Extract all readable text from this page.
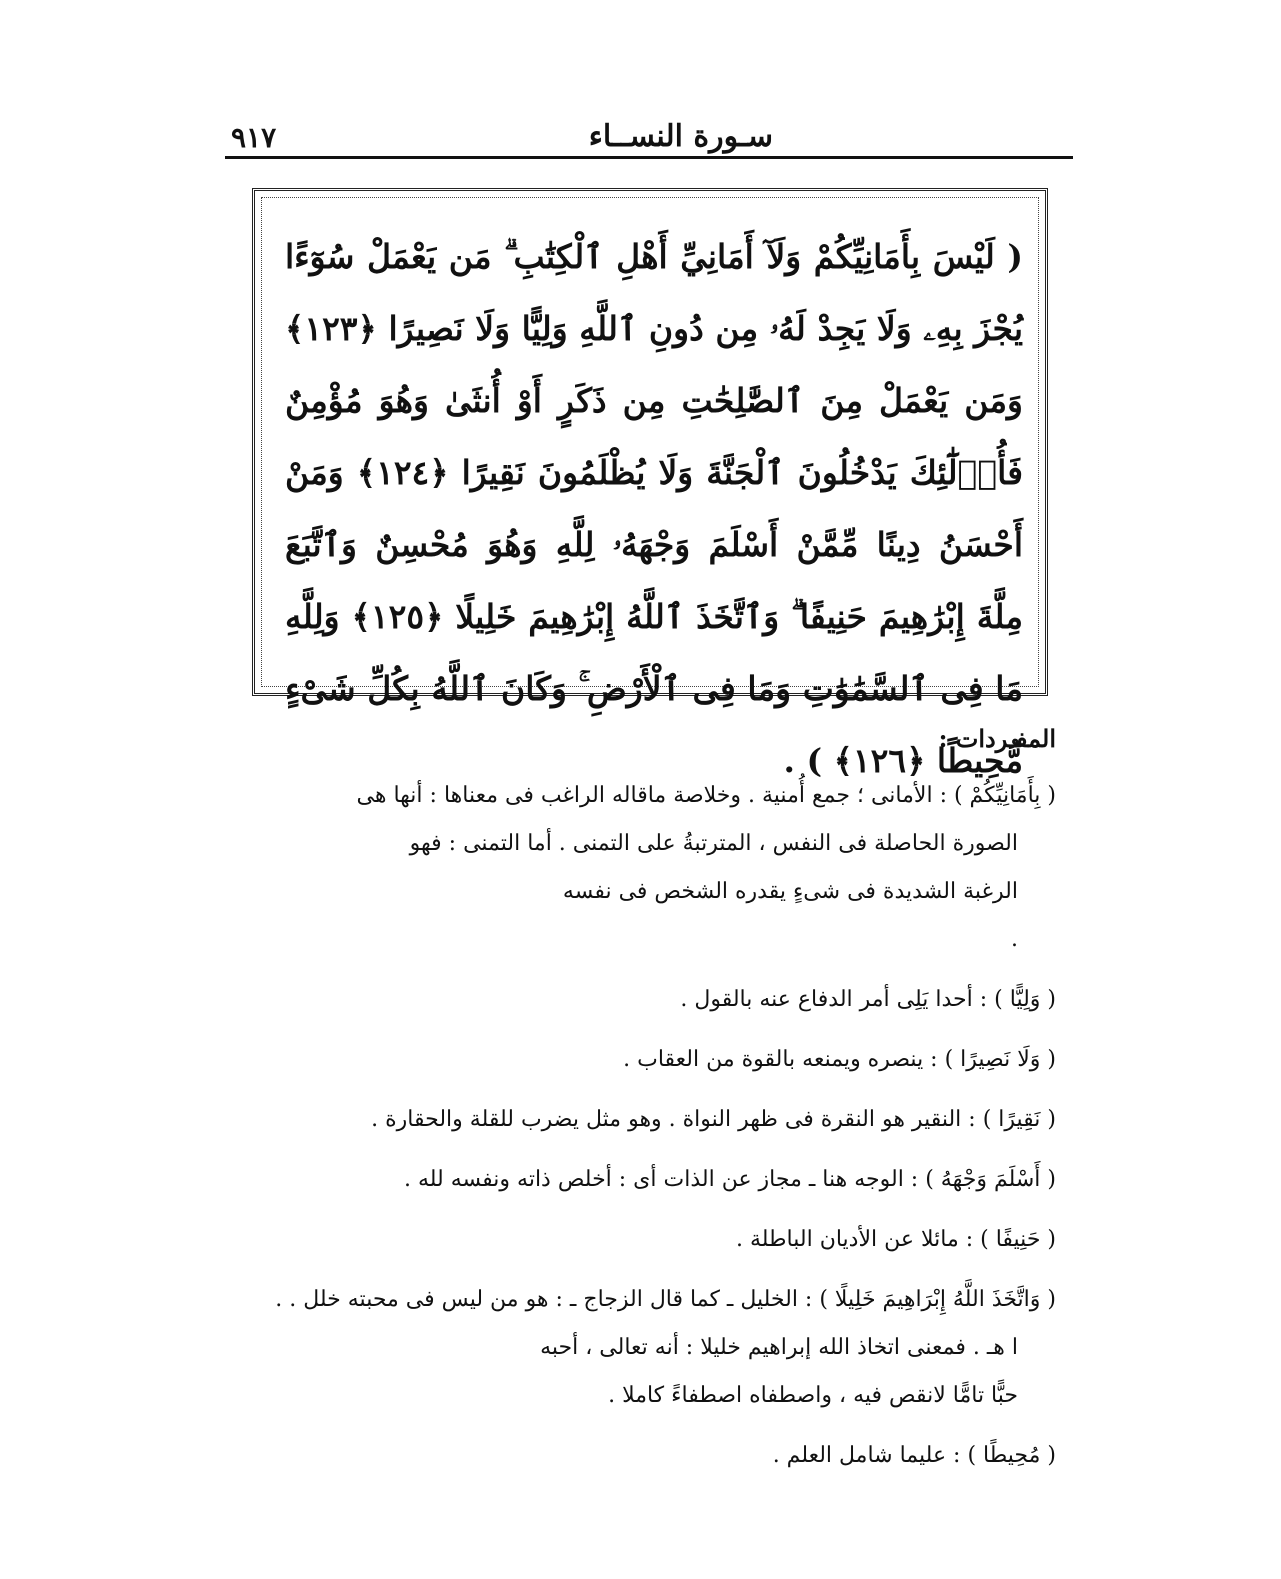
٩١٧	سـورة النســاء
( لَيْسَ بِأَمَانِيِّكُمْ وَلَآ أَمَانِيِّ أَهْلِ ٱلْكِتَٰبِ ۗ مَن يَعْمَلْ سُوٓءًا يُجْزَ بِهِۦ وَلَا يَجِدْ لَهُۥ مِن دُونِ ٱللَّهِ وَلِيًّا وَلَا نَصِيرًا ﴿١٢٣﴾ وَمَن يَعْمَلْ مِنَ ٱلصَّٰلِحَٰتِ مِن ذَكَرٍ أَوْ أُنثَىٰ وَهُوَ مُؤْمِنٌ فَأُو۟لَٰٓئِكَ يَدْخُلُونَ ٱلْجَنَّةَ وَلَا يُظْلَمُونَ نَقِيرًا ﴿١٢٤﴾ وَمَنْ أَحْسَنُ دِينًا مِّمَّنْ أَسْلَمَ وَجْهَهُۥ لِلَّهِ وَهُوَ مُحْسِنٌ وَٱتَّبَعَ مِلَّةَ إِبْرَٰهِيمَ حَنِيفًا ۗ وَٱتَّخَذَ ٱللَّهُ إِبْرَٰهِيمَ خَلِيلًا ﴿١٢٥﴾ وَلِلَّهِ مَا فِى ٱلسَّمَٰوَٰتِ وَمَا فِى ٱلْأَرْضِ ۚ وَكَانَ ٱللَّهُ بِكُلِّ شَىْءٍ مُّحِيطًا ﴿١٢٦﴾ ) .
المفـردات :
( بِأَمَانِيِّكُمْ ) : الأمانى ؛ جمع أُمنية . وخلاصة ماقاله الراغب فى معناها : أنها هى
الصورة الحاصلة فى النفس ، المترتبةُ على التمنى . أما التمنى : فهو
الرغبة الشديدة فى شىءٍ يقدره الشخص فى نفسه .
( وَلِيًّا ) : أحدا يَلِى أمر الدفاع عنه بالقول .
( وَلَا نَصِيرًا ) : ينصره ويمنعه بالقوة من العقاب .
( نَقِيرًا ) : النقير هو النقرة فى ظهر النواة . وهو مثل يضرب للقلة والحقارة .
( أَسْلَمَ وَجْهَهُ ) : الوجه هنا ـ مجاز عن الذات أى : أخلص ذاته ونفسه لله .
( حَنِيفًا ) : مائلا عن الأديان الباطلة .
( وَاتَّخَذَ اللَّهُ إِبْرَاهِيمَ خَلِيلًا ) : الخليل ـ كما قال الزجاج ـ : هو من ليس فى محبته خلل . .
ا هـ . فمعنى اتخاذ الله إبراهيم خليلا : أنه تعالى ، أحبه
حبًّا تامًّا لانقص فيه ، واصطفاه اصطفاءً كاملا .
( مُحِيطًا ) : عليما شامل العلم .
